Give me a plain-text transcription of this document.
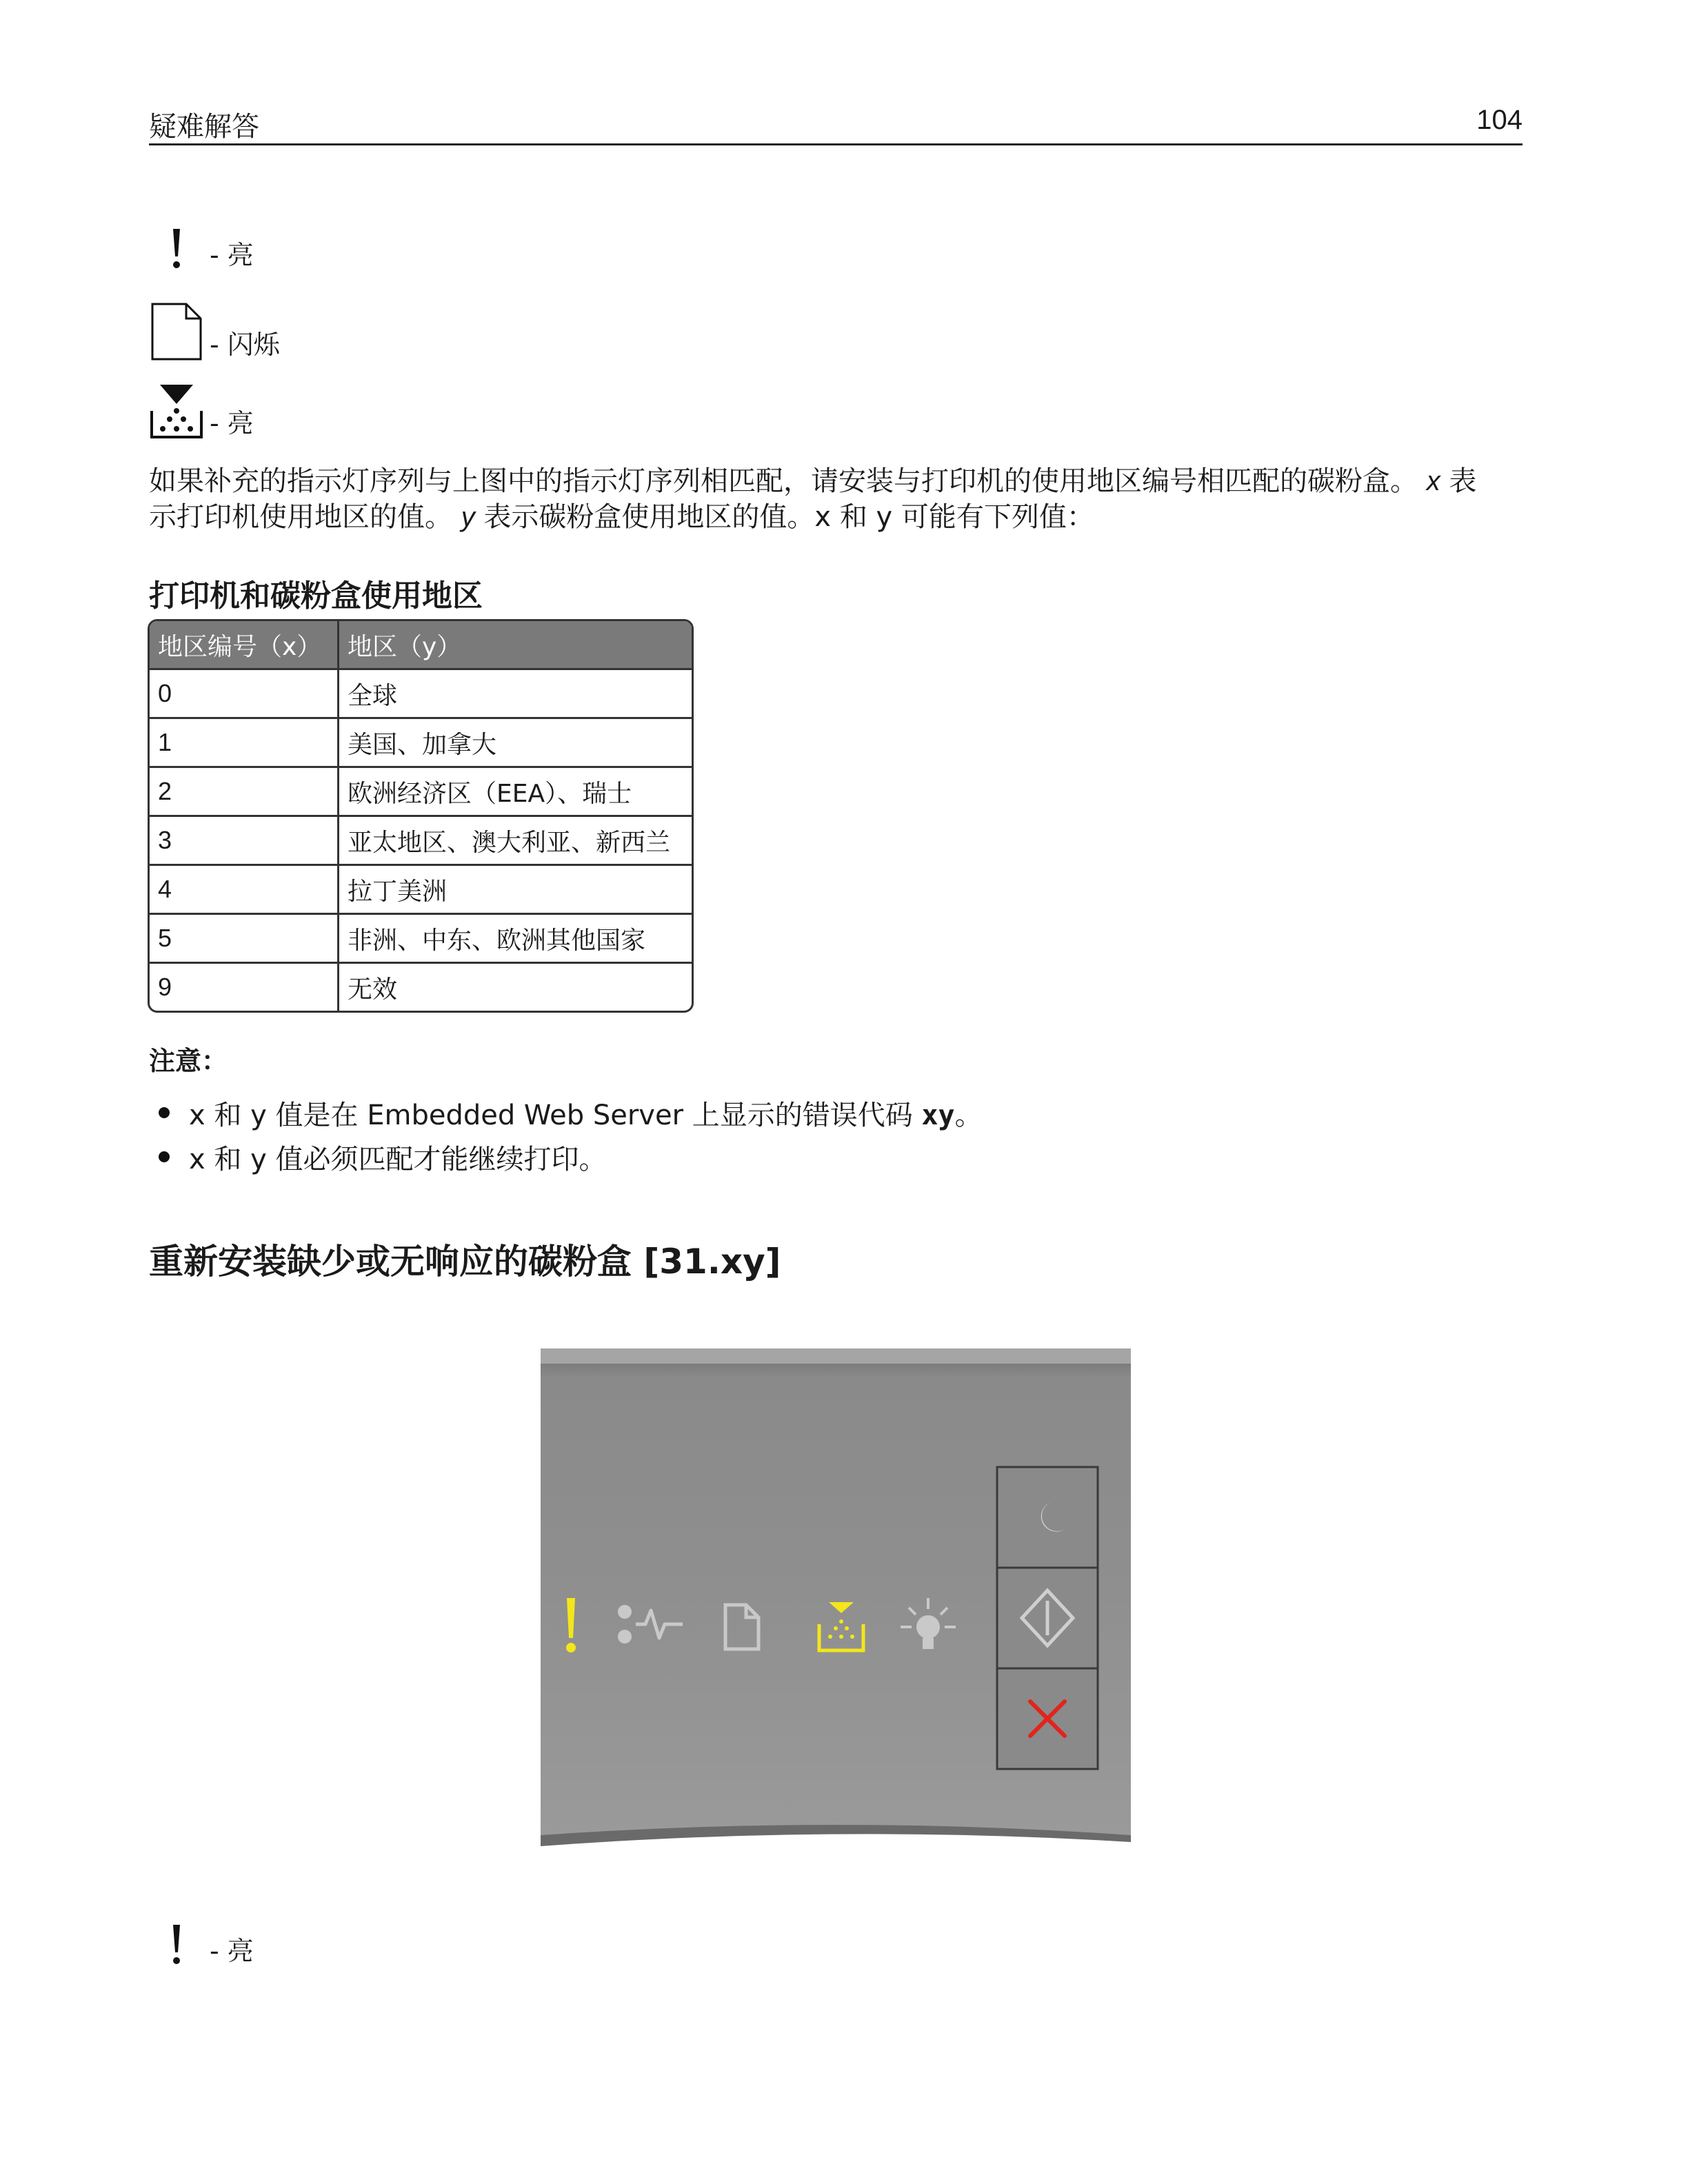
疑难解答	104
- 亮
- 闪烁
- 亮
如果补充的指示灯序列与上图中的指示灯序列相匹配，请安装与打印机的使用地区编号相匹配的碳粉盒。 x 表
示打印机使用地区的值。 y 表示碳粉盒使用地区的值。x 和 y 可能有下列值：
打印机和碳粉盒使用地区
地区编号（x）	地区（y）
0	全球
1	美国、加拿大
2	欧洲经济区（EEA）、瑞士
3	亚太地区、澳大利亚、新西兰
4	拉丁美洲
5	非洲、中东、欧洲其他国家
9	无效
注意：
x 和 y 值是在 Embedded Web Server 上显示的错误代码 xy。
x 和 y 值必须匹配才能继续打印。
重新安装缺少或无响应的碳粉盒 [31.xy]
- 亮
